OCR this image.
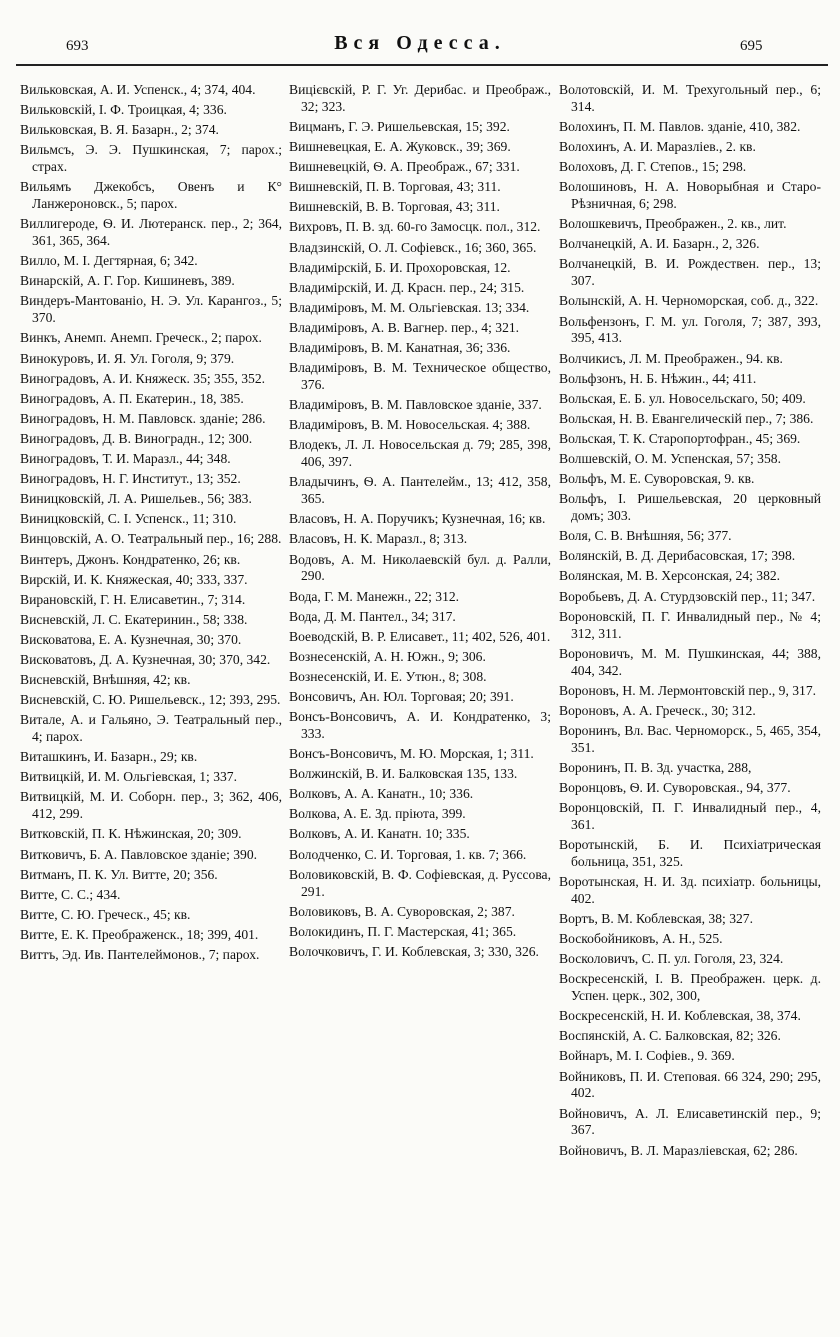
693	Вся Одесса.	695
Вильковская, А. И. Успенск., 4; 374, 404.
Вильковскій, І. Ф. Троицкая, 4; 336.
Вильковская, В. Я. Базарн., 2; 374.
Вильмсъ, Э. Э. Пушкинская, 7; парох.; страх.
Вильямъ Джекобсъ, Овенъ и К° Ланжероновск., 5; парох.
Виллигероде, Ѳ. И. Лютеранск. пер., 2; 364, 361, 365, 364.
Вилло, М. І. Дегтярная, 6; 342.
Винарскій, А. Г. Гор. Кишиневъ, 389.
Виндеръ-Мантованіо, Н. Э. Ул. Карангоз., 5; 370.
Винкъ, Анемп. Анемп. Греческ., 2; парох.
Винокуровъ, И. Я. Ул. Гоголя, 9; 379.
Виноградовъ, А. И. Княжеск. 35; 355, 352.
Виноградовъ, А. П. Екатерин., 18, 385.
Виноградовъ, Н. М. Павловск. зданіе; 286.
Виноградовъ, Д. В. Виноградн., 12; 300.
Виноградовъ, Т. И. Маразл., 44; 348.
Виноградовъ, Н. Г. Институт., 13; 352.
Виницковскій, Л. А. Ришельев., 56; 383.
Виницковскій, С. І. Успенск., 11; 310.
Винцовскій, А. О. Театральный пер., 16; 288.
Винтеръ, Джонъ. Кондратенко, 26; кв.
Вирскій, И. К. Княжеская, 40; 333, 337.
Вирановскій, Г. Н. Елисаветин., 7; 314.
Висневскій, Л. С. Екатеринин., 58; 338.
Висковатова, Е. А. Кузнечная, 30; 370.
Висковатовъ, Д. А. Кузнечная, 30; 370, 342.
Висневскій, Внѣшняя, 42; кв.
Висневскій, С. Ю. Ришельевск., 12; 393, 295.
Витале, А. и Гальяно, Э. Театральный пер., 4; парох.
Виташкинъ, И. Базарн., 29; кв.
Витвицкій, И. М. Ольгіевская, 1; 337.
Витвицкій, М. И. Соборн. пер., 3; 362, 406, 412, 299.
Витковскій, П. К. Нѣжинская, 20; 309.
Витковичъ, Б. А. Павловское зданіе; 390.
Витманъ, П. К. Ул. Витте, 20; 356.
Витте, С. С.; 434.
Витте, С. Ю. Греческ., 45; кв.
Витте, Е. К. Преображенск., 18; 399, 401.
Виттъ, Эд. Ив. Пантелеймонов., 7; парох.
Вицієвскій, Р. Г. Уг. Дерибас. и Преображ., 32; 323.
Вицманъ, Г. Э. Ришельевская, 15; 392.
Вишневецкая, Е. А. Жуковск., 39; 369.
Вишневецкій, Ѳ. А. Преображ., 67; 331.
Вишневскій, П. В. Торговая, 43; 311.
Вишневскій, В. В. Торговая, 43; 311.
Вихровъ, П. В. зд. 60-го Замосцк. пол., 312.
Владзинскій, О. Л. Софіевск., 16; 360, 365.
Владимірскій, Б. И. Прохоровская, 12.
Владимірскій, И. Д. Красн. пер., 24; 315.
Владиміровъ, М. М. Ольгіевская. 13; 334.
Владиміровъ, А. В. Вагнер. пер., 4; 321.
Владиміровъ, В. М. Канатная, 36; 336.
Владиміровъ, В. М. Техническое общество, 376.
Владиміровъ, В. М. Павловское зданіе, 337.
Владиміровъ, В. М. Новосельская. 4; 388.
Влодекъ, Л. Л. Новосельская д. 79; 285, 398, 406, 397.
Владычинъ, Ѳ. А. Пантелейм., 13; 412, 358, 365.
Власовъ, Н. А. Поручикъ; Кузнечная, 16; кв.
Власовъ, Н. К. Маразл., 8; 313.
Водовъ, А. М. Николаевскій бул. д. Ралли, 290.
Вода, Г. М. Манежн., 22; 312.
Вода, Д. М. Пантел., 34; 317.
Воеводскій, В. Р. Елисавет., 11; 402, 526, 401.
Вознесенскій, А. Н. Южн., 9; 306.
Вознесенскій, И. Е. Утюн., 8; 308.
Вонсовичъ, Ан. Юл. Торговая; 20; 391.
Вонсъ-Вонсовичъ, А. И. Кондратенко, 3; 333.
Вонсъ-Вонсовичъ, М. Ю. Морская, 1; 311.
Волжинскій, В. И. Балковская 135, 133.
Волковъ, А. А. Канатн., 10; 336.
Волкова, А. Е. Зд. пріюта, 399.
Волковъ, А. И. Канатн. 10; 335.
Володченко, С. И. Торговая, 1. кв. 7; 366.
Воловиковскій, В. Ф. Софіевская, д. Руссова, 291.
Воловиковъ, В. А. Суворовская, 2; 387.
Волокидинъ, П. Г. Мастерская, 41; 365.
Волочковичъ, Г. И. Коблевская, 3; 330, 326.
Волотовскій, И. М. Трехугольный пер., 6; 314.
Волохинъ, П. М. Павлов. зданіе, 410, 382.
Волохинъ, А. И. Маразліев., 2. кв.
Волоховъ, Д. Г. Степов., 15; 298.
Волошиновъ, Н. А. Новорыбная и Старо-Рѣзничная, 6; 298.
Волошкевичъ, Преображен., 2. кв., лит.
Волчанецкій, А. И. Базарн., 2, 326.
Волчанецкій, В. И. Рождествен. пер., 13; 307.
Волынскій, А. Н. Черноморская, соб. д., 322.
Вольфензонъ, Г. М. ул. Гоголя, 7; 387, 393, 395, 413.
Волчикисъ, Л. М. Преображен., 94. кв.
Вольфзонъ, Н. Б. Нѣжин., 44; 411.
Вольская, Е. Б. ул. Новосельскаго, 50; 409.
Вольская, Н. В. Евангелическій пер., 7; 386.
Вольская, Т. К. Старопортофран., 45; 369.
Волшевскій, О. М. Успенская, 57; 358.
Вольфъ, М. Е. Суворовская, 9. кв.
Вольфъ, І. Ришельевская, 20 церковный домъ; 303.
Воля, С. В. Внѣшняя, 56; 377.
Волянскій, В. Д. Дерибасовская, 17; 398.
Волянская, М. В. Херсонская, 24; 382.
Воробьевъ, Д. А. Стурдзовскій пер., 11; 347.
Вороновскій, П. Г. Инвалидный пер., № 4; 312, 311.
Вороновичъ, М. М. Пушкинская, 44; 388, 404, 342.
Вороновъ, Н. М. Лермонтовскій пер., 9, 317.
Вороновъ, А. А. Греческ., 30; 312.
Воронинъ, Вл. Вас. Черноморск., 5, 465, 354, 351.
Воронинъ, П. В. Зд. участка, 288,
Воронцовъ, Ѳ. И. Суворовская., 94, 377.
Воронцовскій, П. Г. Инвалидный пер., 4, 361.
Воротынскій, Б. И. Психіатрическая больница, 351, 325.
Воротынская, Н. И. Зд. психіатр. больницы, 402.
Вортъ, В. М. Коблевская, 38; 327.
Воскобойниковъ, А. Н., 525.
Восколовичъ, С. П. ул. Гоголя, 23, 324.
Воскресенскій, І. В. Преображен. церк. д. Успен. церк., 302, 300,
Воскресенскій, Н. И. Коблевская, 38, 374.
Воспянскій, А. С. Балковская, 82; 326.
Войнаръ, М. І. Софіев., 9. 369.
Войниковъ, П. И. Степовая. 66 324, 290; 295, 402.
Войновичъ, А. Л. Елисаветинскій пер., 9; 367.
Войновичъ, В. Л. Маразліевская, 62; 286.
